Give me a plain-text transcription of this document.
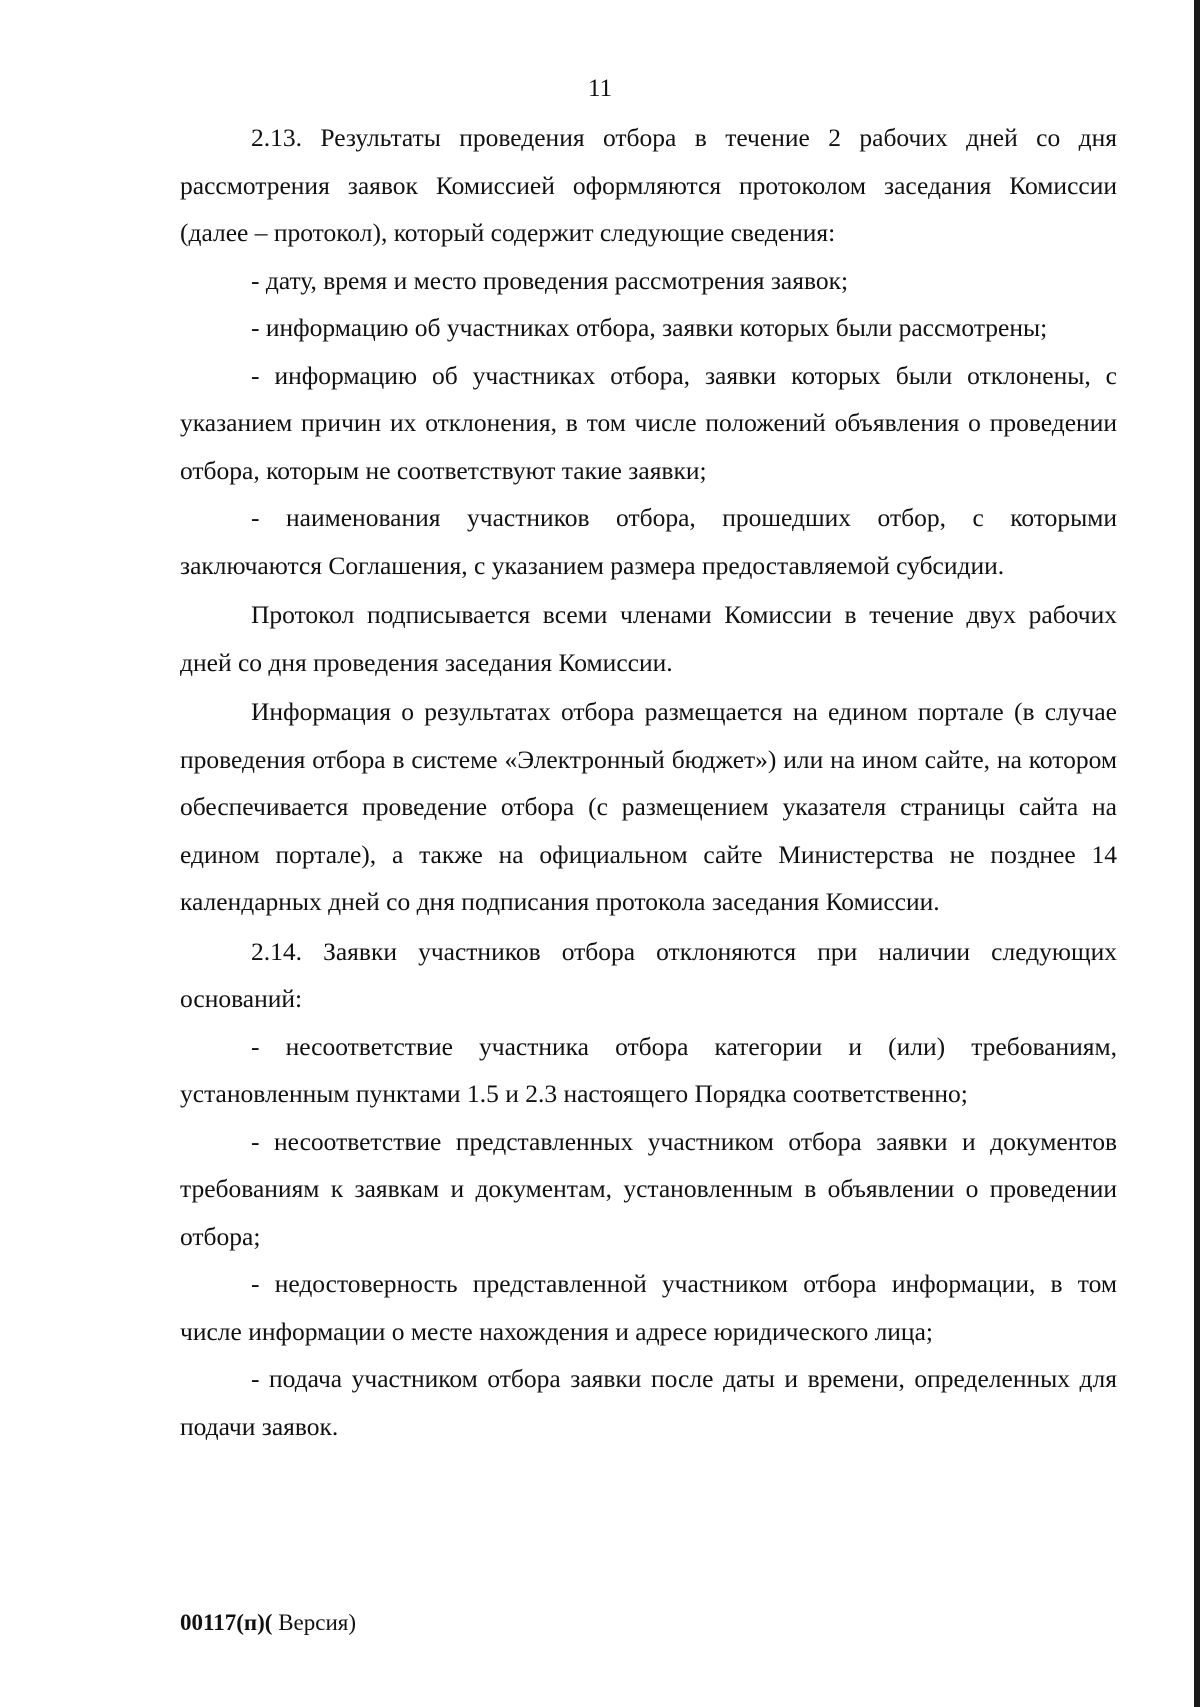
11

2.13. Результаты проведения отбора в течение 2 рабочих дней со дня рассмотрения заявок Комиссией оформляются протоколом заседания Комиссии (далее – протокол), который содержит следующие сведения:

- дату, время и место проведения рассмотрения заявок;

- информацию об участниках отбора, заявки которых были рассмотрены;

- информацию об участниках отбора, заявки которых были отклонены, с указанием причин их отклонения, в том числе положений объявления о проведении отбора, которым не соответствуют такие заявки;

- наименования участников отбора, прошедших отбор, с которыми заключаются Соглашения, с указанием размера предоставляемой субсидии.

Протокол подписывается всеми членами Комиссии в течение двух рабочих дней со дня проведения заседания Комиссии.

Информация о результатах отбора размещается на едином портале (в случае проведения отбора в системе «Электронный бюджет») или на ином сайте, на котором обеспечивается проведение отбора (с размещением указателя страницы сайта на едином портале), а также на официальном сайте Министерства не позднее 14 календарных дней со дня подписания протокола заседания Комиссии.

2.14. Заявки участников отбора отклоняются при наличии следующих оснований:

- несоответствие участника отбора категории и (или) требованиям, установленным пунктами 1.5 и 2.3 настоящего Порядка соответственно;

- несоответствие представленных участником отбора заявки и документов требованиям к заявкам и документам, установленным в объявлении о проведении отбора;

- недостоверность представленной участником отбора информации, в том числе информации о месте нахождения и адресе юридического лица;

- подача участником отбора заявки после даты и времени, определенных для подачи заявок.

00117(п)( Версия)
